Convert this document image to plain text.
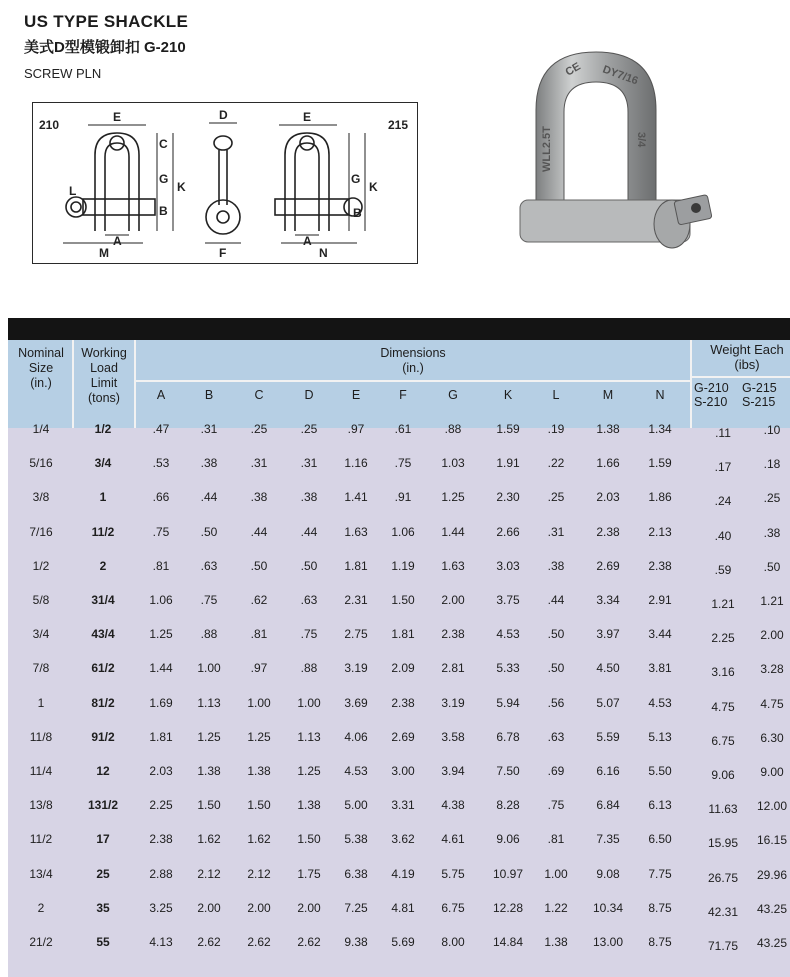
US TYPE SHACKLE
美式D型模锻卸扣 G-210
SCREW PLN
210	215
E
C
G
K
L
B
A
M
D
F
E
G
K
B
A
N
CE DY7/16
WLL2.5T	3/4
Nominal
Size
(in.)
Working
Load
Limit
(tons)
Dimensions
(in.)
Weight Each
(ibs)
A	B	C	D	E	F	G	K	L	M	N	G-210
S-210
G-215
S-215
1/4	1/2	.47	.31	.25	.25	.97	.61	.88	1.59	.19	1.38	1.34	.11	.10
5/16	3/4	.53	.38	.31	.31	1.16	.75	1.03	1.91	.22	1.66	1.59	.17	.18
3/8	1	.66	.44	.38	.38	1.41	.91	1.25	2.30	.25	2.03	1.86	.24	.25
7/16	11/2	.75	.50	.44	.44	1.63	1.06	1.44	2.66	.31	2.38	2.13	.40	.38
1/2	2	.81	.63	.50	.50	1.81	1.19	1.63	3.03	.38	2.69	2.38	.59	.50
5/8	31/4	1.06	.75	.62	.63	2.31	1.50	2.00	3.75	.44	3.34	2.91	1.21	1.21
3/4	43/4	1.25	.88	.81	.75	2.75	1.81	2.38	4.53	.50	3.97	3.44	2.25	2.00
7/8	61/2	1.44	1.00	.97	.88	3.19	2.09	2.81	5.33	.50	4.50	3.81	3.16	3.28
1	81/2	1.69	1.13	1.00	1.00	3.69	2.38	3.19	5.94	.56	5.07	4.53	4.75	4.75
11/8	91/2	1.81	1.25	1.25	1.13	4.06	2.69	3.58	6.78	.63	5.59	5.13	6.75	6.30
11/4	12	2.03	1.38	1.38	1.25	4.53	3.00	3.94	7.50	.69	6.16	5.50	9.06	9.00
13/8	131/2	2.25	1.50	1.50	1.38	5.00	3.31	4.38	8.28	.75	6.84	6.13	11.63	12.00
11/2	17	2.38	1.62	1.62	1.50	5.38	3.62	4.61	9.06	.81	7.35	6.50	15.95	16.15
13/4	25	2.88	2.12	2.12	1.75	6.38	4.19	5.75	10.97	1.00	9.08	7.75	26.75	29.96
2	35	3.25	2.00	2.00	2.00	7.25	4.81	6.75	12.28	1.22	10.34	8.75	42.31	43.25
21/2	55	4.13	2.62	2.62	2.62	9.38	5.69	8.00	14.84	1.38	13.00	8.75	71.75	43.25
